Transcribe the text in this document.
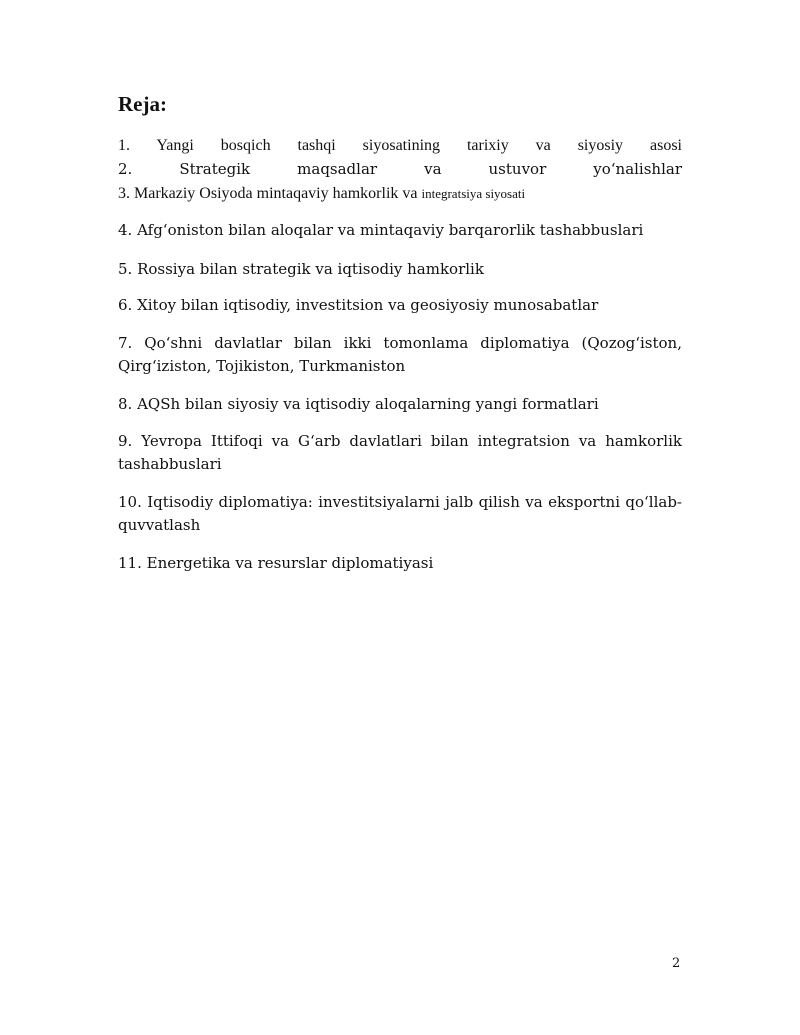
Reja:

1. Yangi bosqich tashqi siyosatining tarixiy va siyosiy asosi

2. Strategik maqsadlar va ustuvor yo‘nalishlar

3. Markaziy Osiyoda mintaqaviy hamkorlik va integratsiya siyosati

4. Afg‘oniston bilan aloqalar va mintaqaviy barqarorlik tashabbuslari

5. Rossiya bilan strategik va iqtisodiy hamkorlik

6. Xitoy bilan iqtisodiy, investitsion va geosiyosiy munosabatlar

7. Qo‘shni davlatlar bilan ikki tomonlama diplomatiya (Qozog‘iston, Qirg‘iziston, Tojikiston, Turkmaniston

8. AQSh bilan siyosiy va iqtisodiy aloqalarning yangi formatlari

9. Yevropa Ittifoqi va G‘arb davlatlari bilan integratsion va hamkorlik tashabbuslari

10. Iqtisodiy diplomatiya: investitsiyalarni jalb qilish va eksportni qo‘llab-quvvatlash

11. Energetika va resurslar diplomatiyasi

2
